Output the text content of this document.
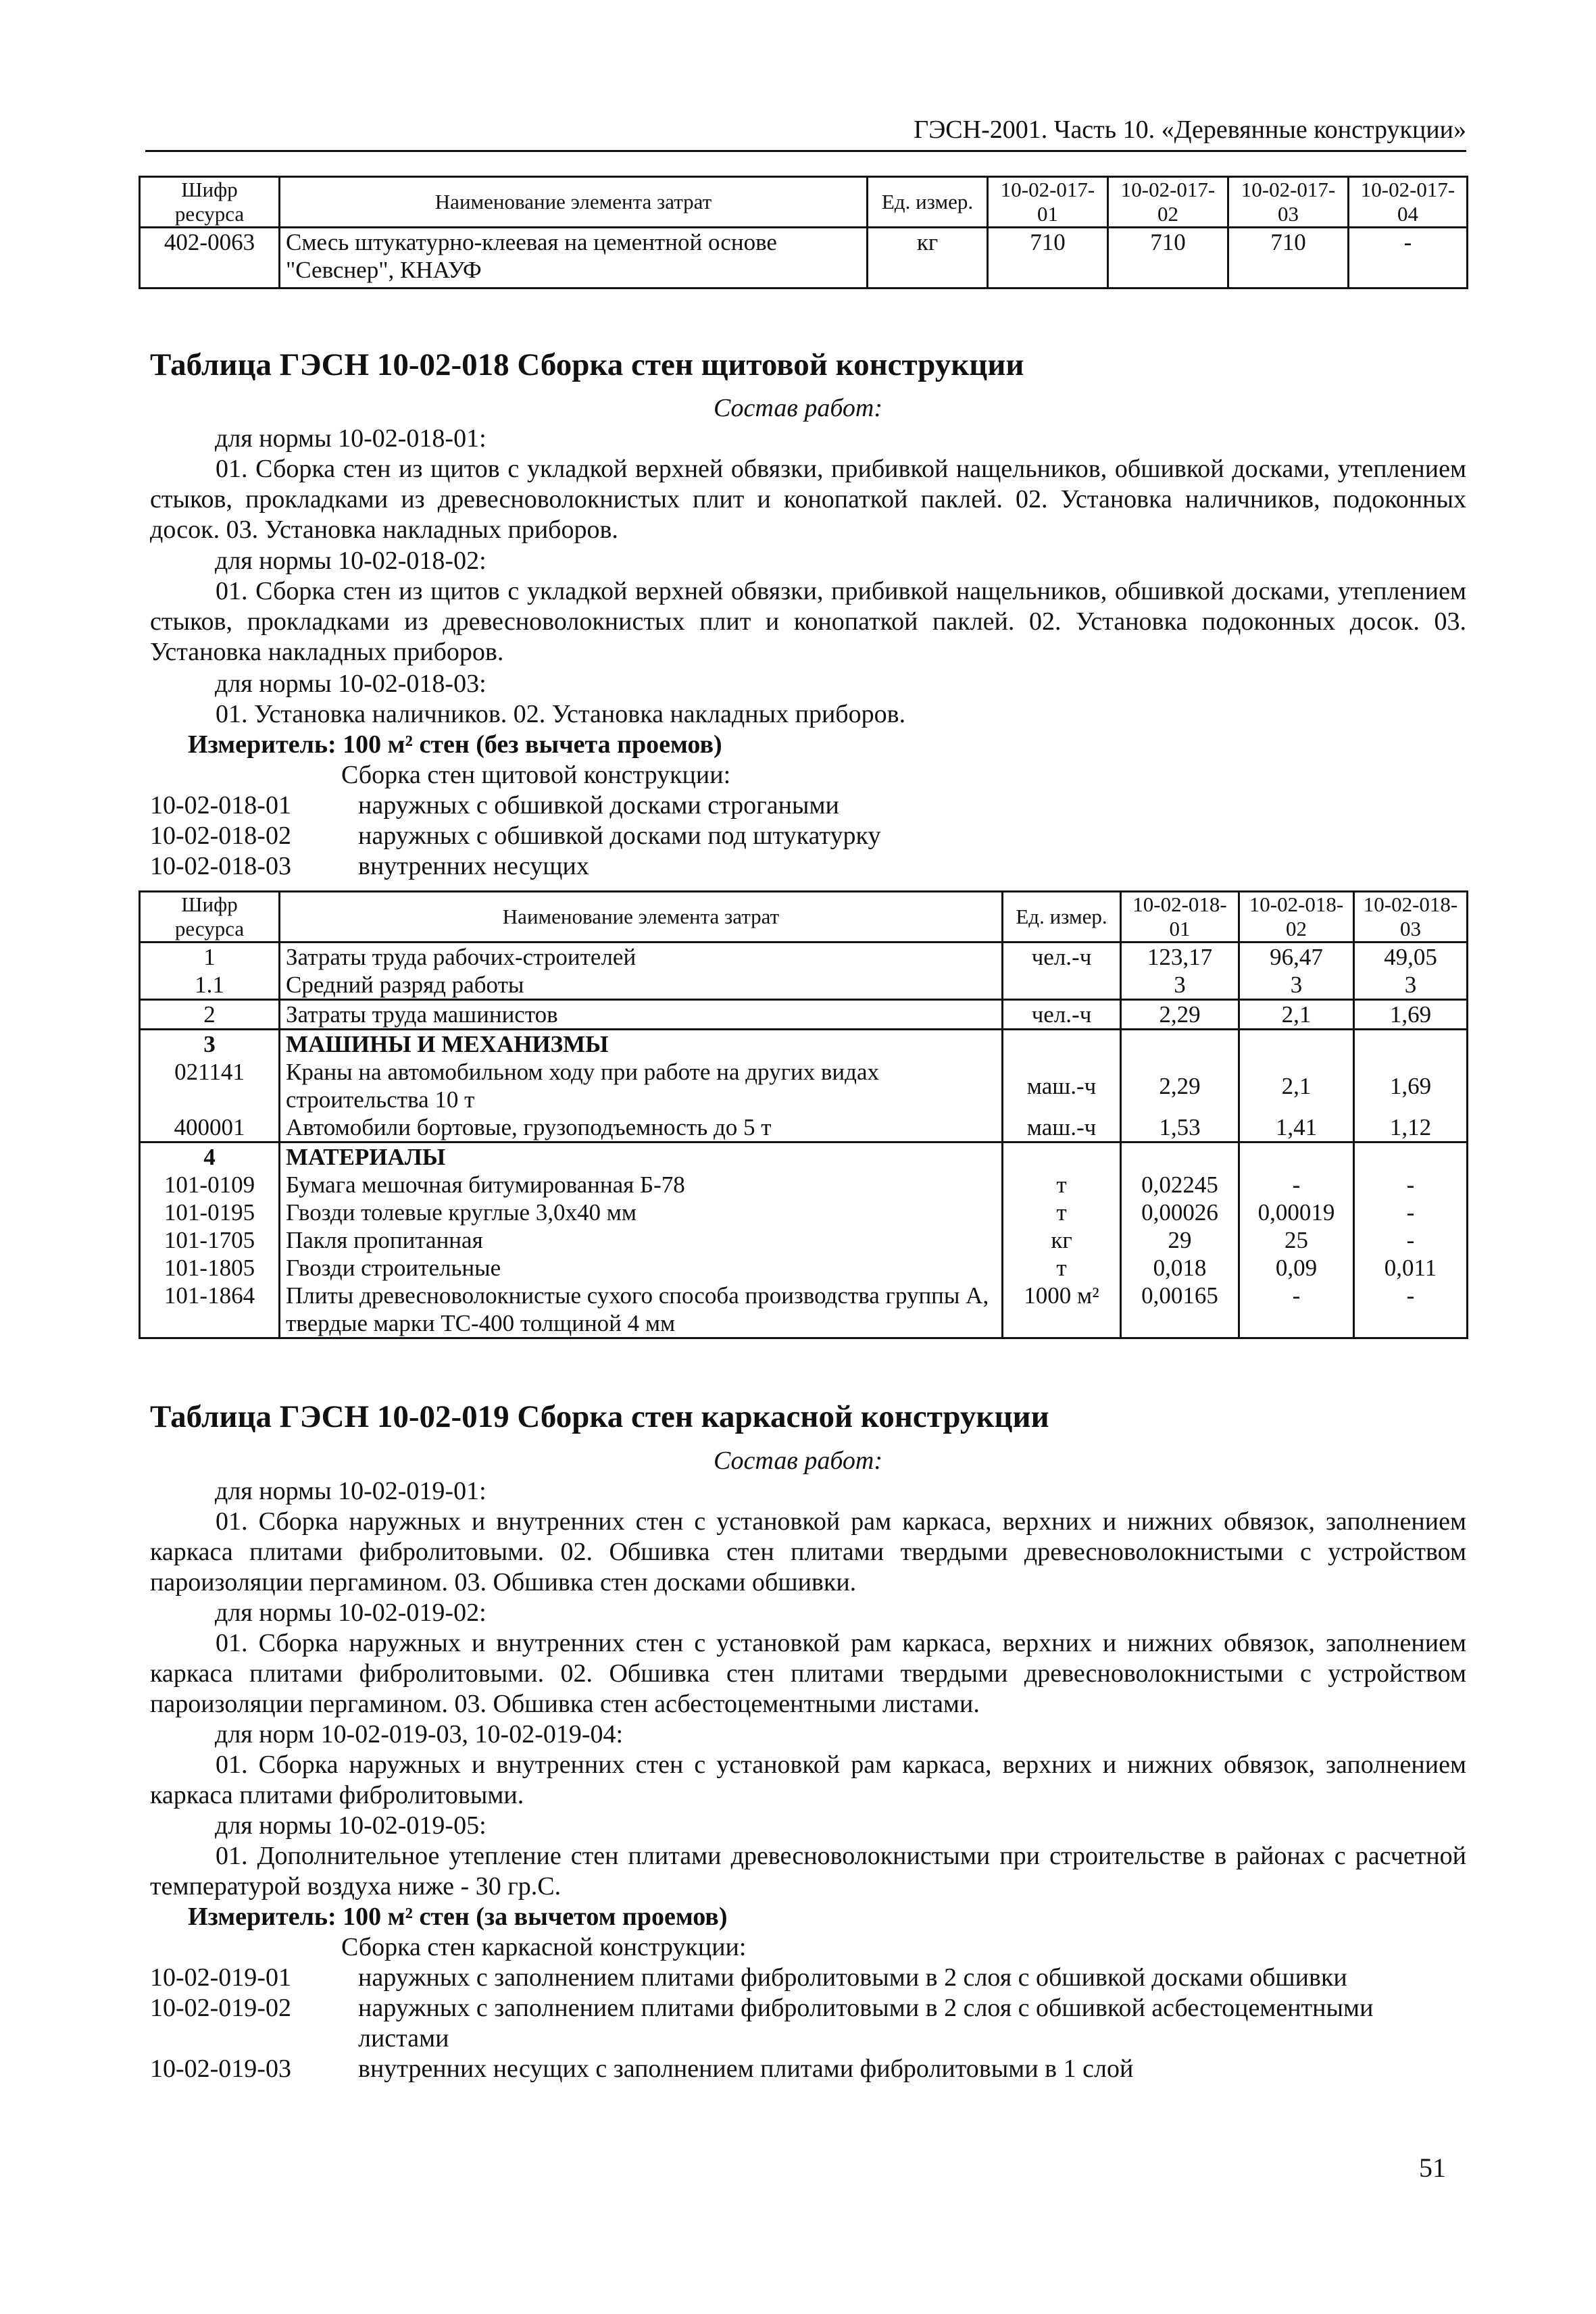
ГЭСН-2001. Часть 10. «Деревянные конструкции»
Шифр ресурса	Наименование элемента затрат	Ед. измер.	10-02-017-01	10-02-017-02	10-02-017-03	10-02-017-04
402-0063	Смесь штукатурно-клеевая на цементной основе "Севснер", КНАУФ	кг	710	710	710	-
Таблица ГЭСН 10-02-018 Сборка стен щитовой конструкции
Состав работ:
для нормы 10-02-018-01:
01. Сборка стен из щитов с укладкой верхней обвязки, прибивкой нащельников, обшивкой досками, утеплением стыков, прокладками из древесноволокнистых плит и конопаткой паклей. 02. Установка наличников, подоконных досок. 03. Установка накладных приборов.
для нормы 10-02-018-02:
01. Сборка стен из щитов с укладкой верхней обвязки, прибивкой нащельников, обшивкой досками, утеплением стыков, прокладками из древесноволокнистых плит и конопаткой паклей. 02. Установка подоконных досок. 03. Установка накладных приборов.
для нормы 10-02-018-03:
01. Установка наличников. 02. Установка накладных приборов.
Измеритель: 100 м² стен (без вычета проемов)
Сборка стен щитовой конструкции:
10-02-018-01	наружных с обшивкой досками строгаными
10-02-018-02	наружных с обшивкой досками под штукатурку
10-02-018-03	внутренних несущих
Шифр ресурса	Наименование элемента затрат	Ед. измер.	10-02-018-01	10-02-018-02	10-02-018-03
1	Затраты труда рабочих-строителей	чел.-ч	123,17	96,47	49,05
1.1	Средний разряд работы		3	3	3
2	Затраты труда машинистов	чел.-ч	2,29	2,1	1,69
3	МАШИНЫ И МЕХАНИЗМЫ				
021141	Краны на автомобильном ходу при работе на других видах строительства 10 т	маш.-ч	2,29	2,1	1,69
400001	Автомобили бортовые, грузоподъемность до 5 т	маш.-ч	1,53	1,41	1,12
4	МАТЕРИАЛЫ				
101-0109	Бумага мешочная битумированная Б-78	т	0,02245	-	-
101-0195	Гвозди толевые круглые 3,0х40 мм	т	0,00026	0,00019	-
101-1705	Пакля пропитанная	кг	29	25	-
101-1805	Гвозди строительные	т	0,018	0,09	0,011
101-1864	Плиты древесноволокнистые сухого способа производства группы А, твердые марки ТС-400 толщиной 4 мм	1000 м²	0,00165	-	-
Таблица ГЭСН 10-02-019 Сборка стен каркасной конструкции
Состав работ:
для нормы 10-02-019-01:
01. Сборка наружных и внутренних стен с установкой рам каркаса, верхних и нижних обвязок, заполнением каркаса плитами фибролитовыми. 02. Обшивка стен плитами твердыми древесноволокнистыми с устройством пароизоляции пергамином. 03. Обшивка стен досками обшивки.
для нормы 10-02-019-02:
01. Сборка наружных и внутренних стен с установкой рам каркаса, верхних и нижних обвязок, заполнением каркаса плитами фибролитовыми. 02. Обшивка стен плитами твердыми древесноволокнистыми с устройством пароизоляции пергамином. 03. Обшивка стен асбестоцементными листами.
для норм 10-02-019-03, 10-02-019-04:
01. Сборка наружных и внутренних стен с установкой рам каркаса, верхних и нижних обвязок, заполнением каркаса плитами фибролитовыми.
для нормы 10-02-019-05:
01. Дополнительное утепление стен плитами древесноволокнистыми при строительстве в районах с расчетной температурой воздуха ниже - 30 гр.С.
Измеритель: 100 м² стен (за вычетом проемов)
Сборка стен каркасной конструкции:
10-02-019-01	наружных с заполнением плитами фибролитовыми в 2 слоя с обшивкой досками обшивки
10-02-019-02	наружных с заполнением плитами фибролитовыми в 2 слоя с обшивкой асбестоцементными листами
10-02-019-03	внутренних несущих с заполнением плитами фибролитовыми в 1 слой
51
